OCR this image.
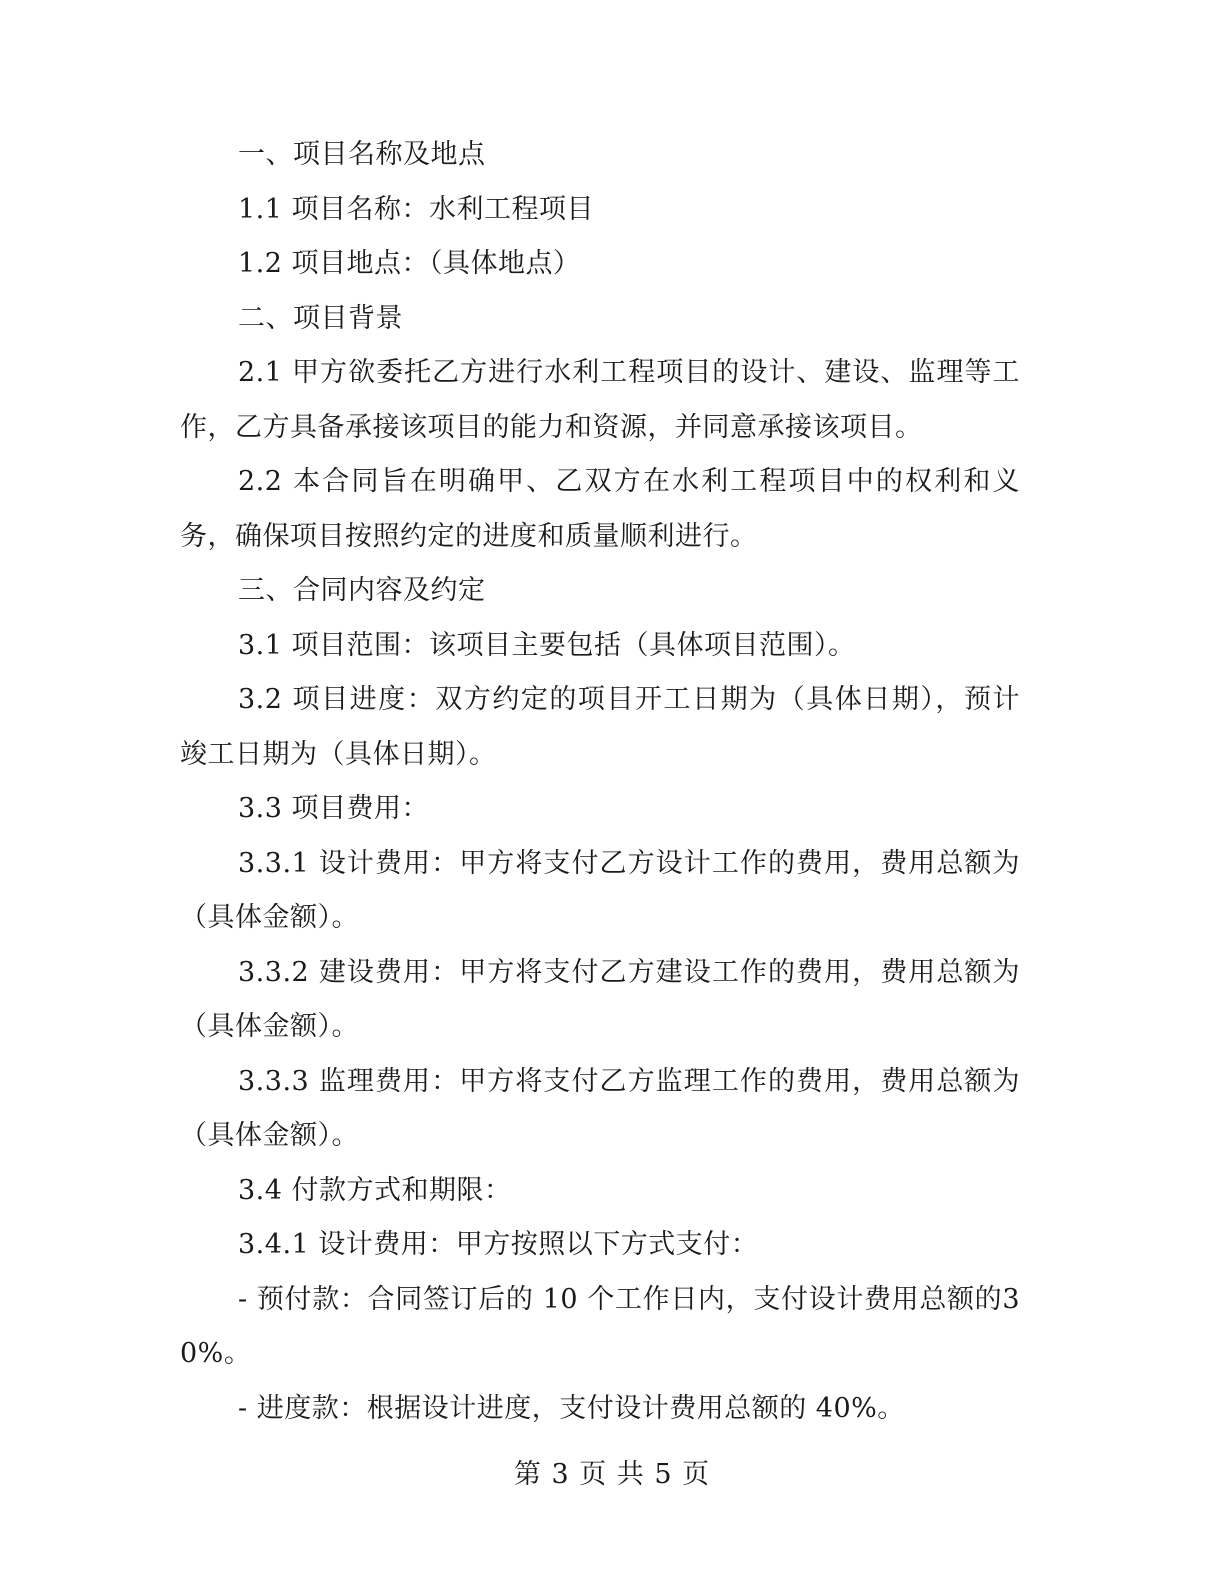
一、项目名称及地点

1.1 项目名称：水利工程项目

1.2 项目地点：（具体地点）

二、项目背景

2.1 甲方欲委托乙方进行水利工程项目的设计、建设、监理等工作，乙方具备承接该项目的能力和资源，并同意承接该项目。

2.2 本合同旨在明确甲、乙双方在水利工程项目中的权利和义务，确保项目按照约定的进度和质量顺利进行。

三、合同内容及约定

3.1 项目范围：该项目主要包括（具体项目范围）。

3.2 项目进度：双方约定的项目开工日期为（具体日期），预计竣工日期为（具体日期）。

3.3 项目费用：

3.3.1 设计费用：甲方将支付乙方设计工作的费用，费用总额为（具体金额）。

3.3.2 建设费用：甲方将支付乙方建设工作的费用，费用总额为（具体金额）。

3.3.3 监理费用：甲方将支付乙方监理工作的费用，费用总额为（具体金额）。

3.4 付款方式和期限：

3.4.1 设计费用：甲方按照以下方式支付：

- 预付款：合同签订后的 10 个工作日内，支付设计费用总额的30%。

- 进度款：根据设计进度，支付设计费用总额的 40%。

第 3 页 共 5 页
